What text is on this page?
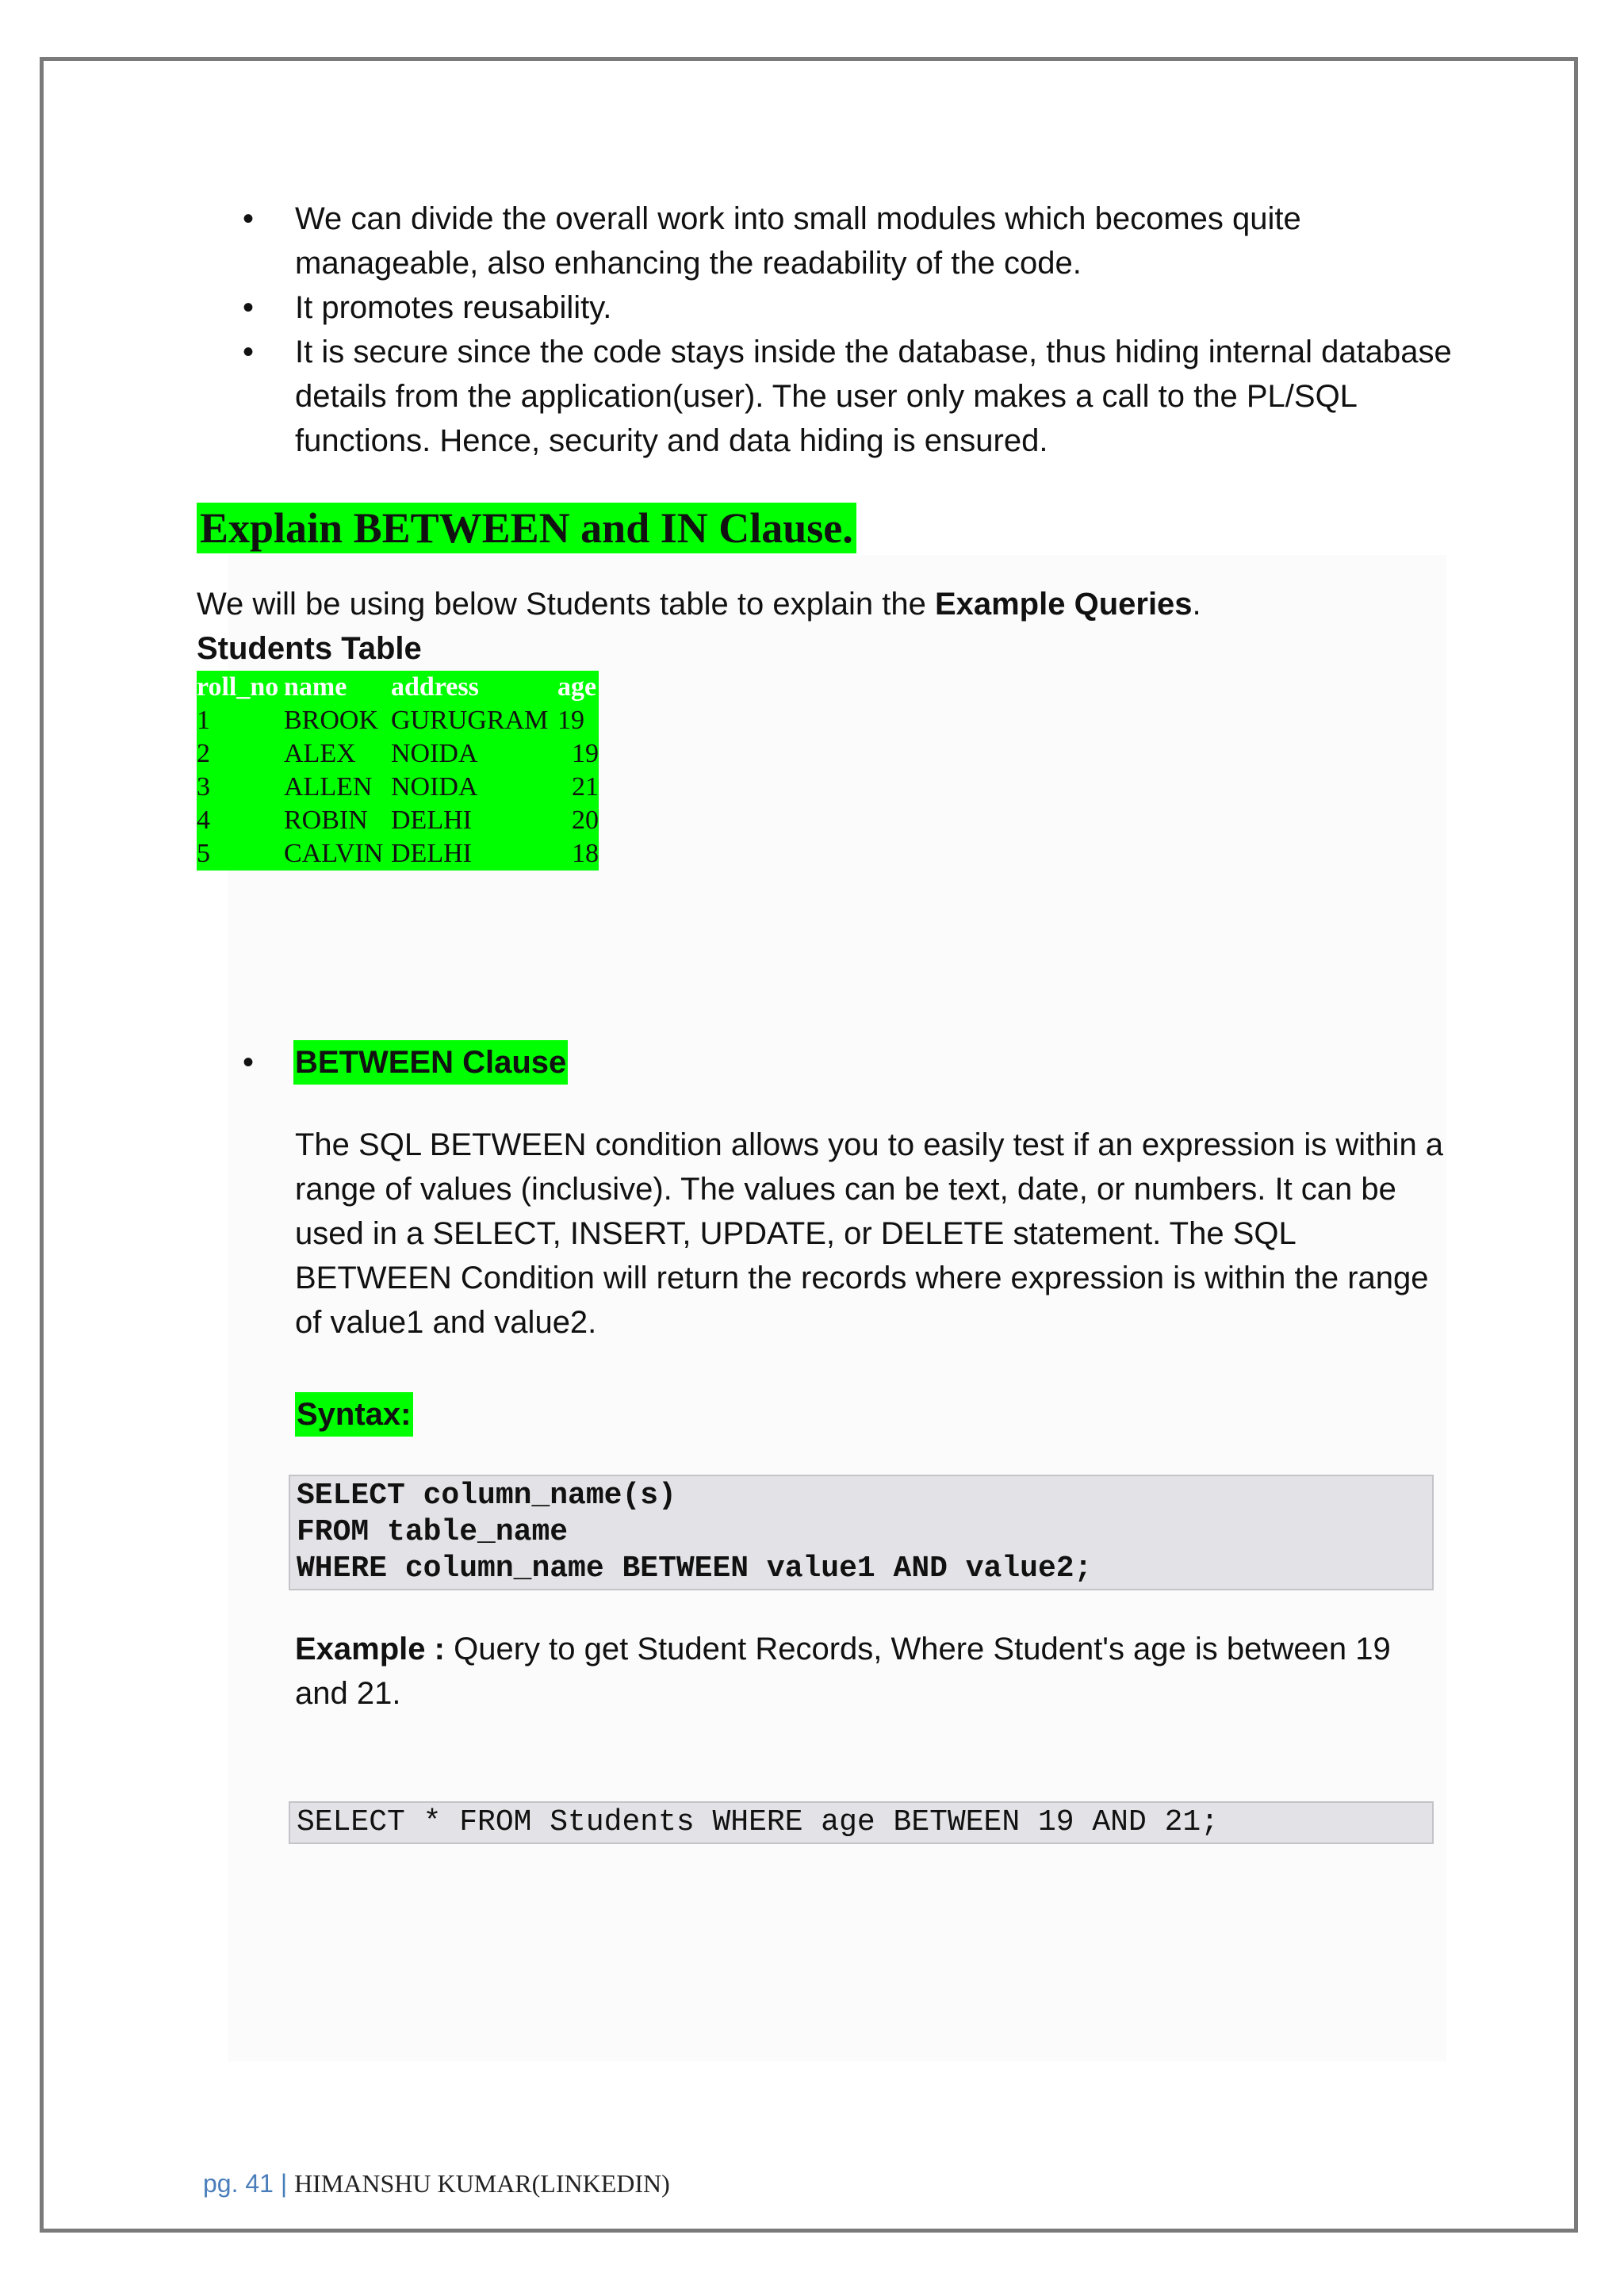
• We can divide the overall work into small modules which becomes quite manageable, also enhancing the readability of the code.
• It promotes reusability.
• It is secure since the code stays inside the database, thus hiding internal database details from the application(user). The user only makes a call to the PL/SQL functions. Hence, security and data hiding is ensured.
Explain BETWEEN and IN Clause.
We will be using below Students table to explain the Example Queries.
Students Table
roll_no	name	address	age
1	BROOK	GURUGRAM	19
2	ALEX	NOIDA	19
3	ALLEN	NOIDA	21
4	ROBIN	DELHI	20
5	CALVIN	DELHI	18
• BETWEEN Clause
The SQL BETWEEN condition allows you to easily test if an expression is within a range of values (inclusive). The values can be text, date, or numbers. It can be used in a SELECT, INSERT, UPDATE, or DELETE statement. The SQL BETWEEN Condition will return the records where expression is within the range of value1 and value2.
Syntax:
SELECT column_name(s)
FROM table_name
WHERE column_name BETWEEN value1 AND value2;
Example : Query to get Student Records, Where Student's age is between 19 and 21.
SELECT * FROM Students WHERE age BETWEEN 19 AND 21;
pg. 41 | HIMANSHU KUMAR(LINKEDIN)
